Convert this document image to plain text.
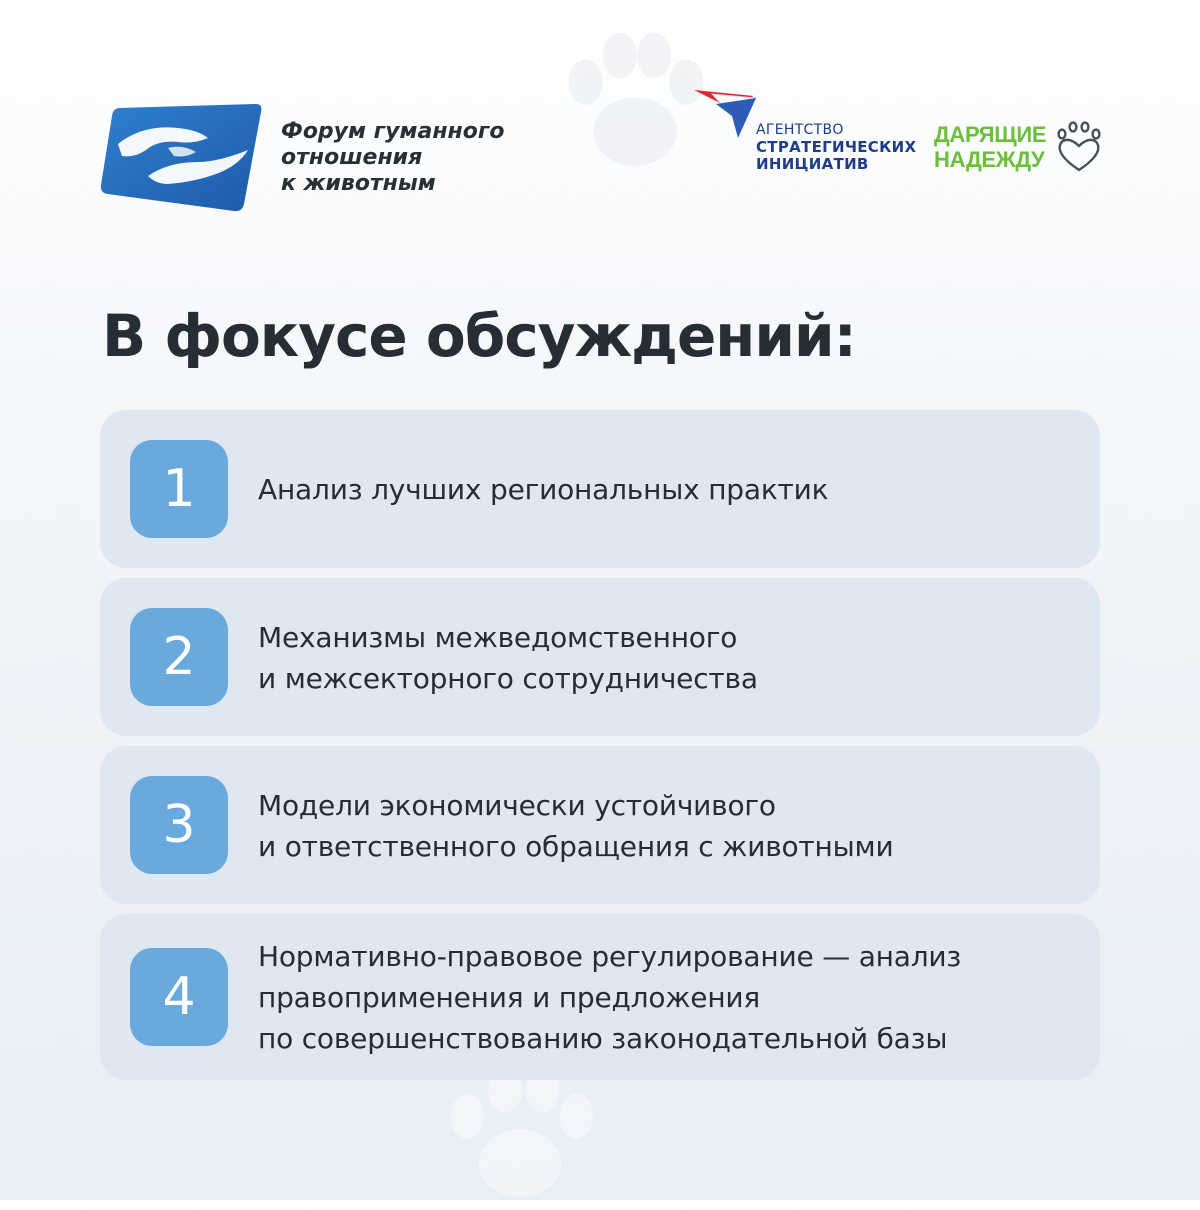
Форум гуманного
отношения
к животным
АГЕНТСТВО
СТРАТЕГИЧЕСКИХ
ИНИЦИАТИВ
ДАРЯЩИЕ
НАДЕЖДУ
В фокусе обсуждений:
1	Анализ лучших региональных практик
2	Механизмы межведомственного
и межсекторного сотрудничества
3	Модели экономически устойчивого
и ответственного обращения с животными
4
Нормативно-правовое регулирование — анализ
правоприменения и предложения
по совершенствованию законодательной базы
